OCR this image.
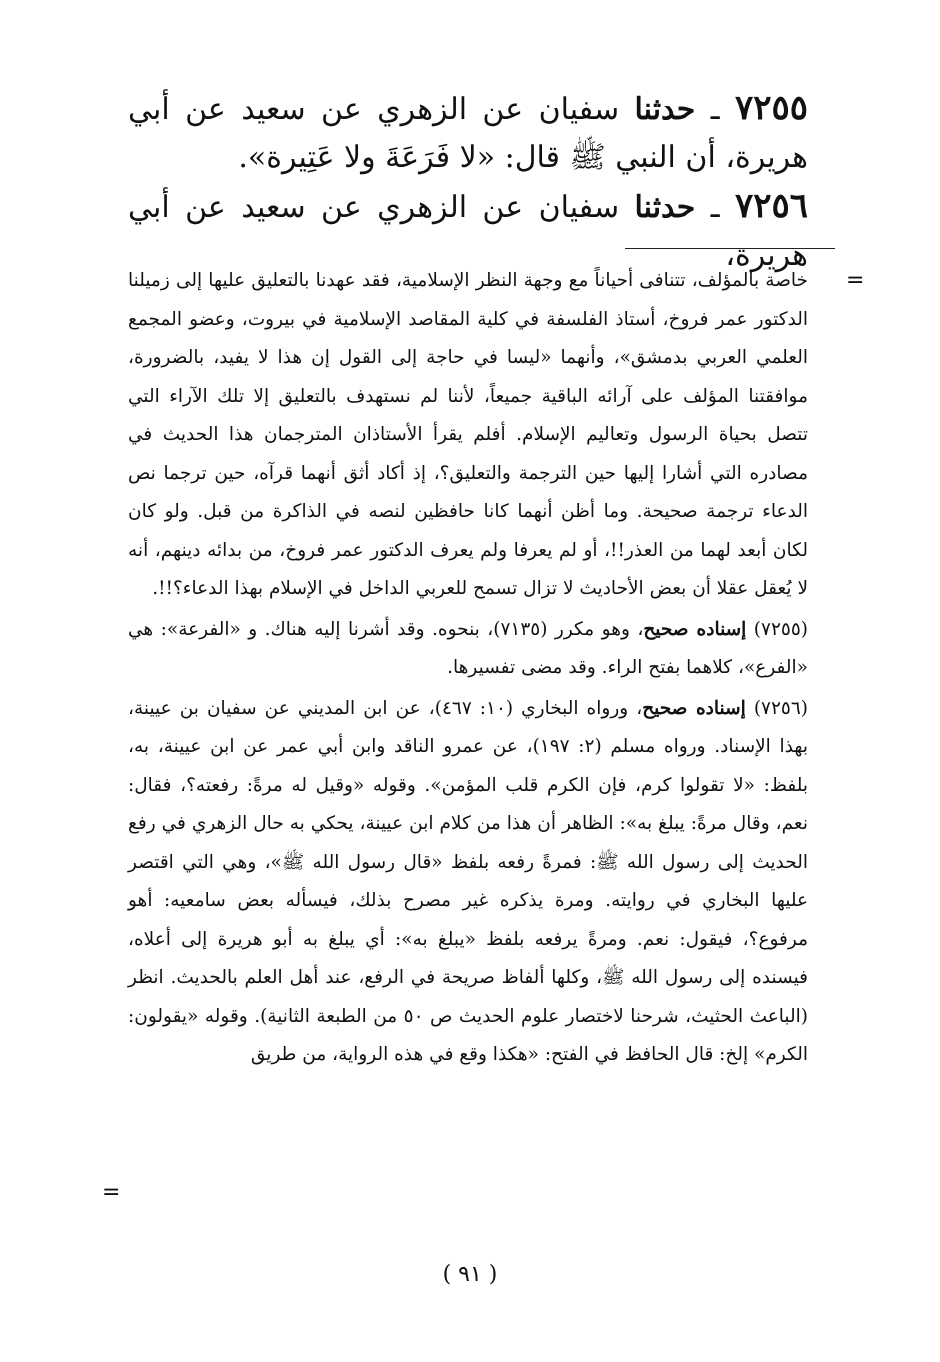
٧٢٥٥ ـ حدثنا سفيان عن الزهري عن سعيد عن أبي هريرة، أن النبي ﷺ قال: «لا فَرَعَةَ ولا عَتِيرة».

٧٢٥٦ ـ حدثنا سفيان عن الزهري عن سعيد عن أبي هريرة،

=

خاصة بالمؤلف، تتنافى أحياناً مع وجهة النظر الإسلامية، فقد عهدنا بالتعليق عليها إلى زميلنا الدكتور عمر فروخ، أستاذ الفلسفة في كلية المقاصد الإسلامية في بيروت، وعضو المجمع العلمي العربي بدمشق»، وأنهما «ليسا في حاجة إلى القول إن هذا لا يفيد، بالضرورة، موافقتنا المؤلف على آرائه الباقية جميعاً، لأننا لم نستهدف بالتعليق إلا تلك الآراء التي تتصل بحياة الرسول وتعاليم الإسلام. أفلم يقرأ الأستاذان المترجمان هذا الحديث في مصادره التي أشارا إليها حين الترجمة والتعليق؟، إذ أكاد أثق أنهما قرآه، حين ترجما نص الدعاء ترجمة صحيحة. وما أظن أنهما كانا حافظين لنصه في الذاكرة من قبل. ولو كان لكان أبعد لهما من العذر!!، أو لم يعرفا ولم يعرف الدكتور عمر فروخ، من بدائه دينهم، أنه لا يُعقل عقلا أن بعض الأحاديث لا تزال تسمح للعربي الداخل في الإسلام بهذا الدعاء؟!!.

(٧٢٥٥) إسناده صحيح، وهو مكرر (٧١٣٥)، بنحوه. وقد أشرنا إليه هناك. و «الفرعة»: هي «الفرع»، كلاهما بفتح الراء. وقد مضى تفسيرها.

(٧٢٥٦) إسناده صحيح، ورواه البخاري (١٠: ٤٦٧)، عن ابن المديني عن سفيان بن عيينة، بهذا الإسناد. ورواه مسلم (٢: ١٩٧)، عن عمرو الناقد وابن أبي عمر عن ابن عيينة، به، بلفظ: «لا تقولوا كرم، فإن الكرم قلب المؤمن». وقوله «وقيل له مرةً: رفعته؟، فقال: نعم، وقال مرةً: يبلغ به»: الظاهر أن هذا من كلام ابن عيينة، يحكي به حال الزهري في رفع الحديث إلى رسول الله ﷺ: فمرةً رفعه بلفظ «قال رسول الله ﷺ»، وهي التي اقتصر عليها البخاري في روايته. ومرة يذكره غير مصرح بذلك، فيسأله بعض سامعيه: أهو مرفوع؟، فيقول: نعم. ومرةً يرفعه بلفظ «يبلغ به»: أي يبلغ به أبو هريرة إلى أعلاه، فيسنده إلى رسول الله ﷺ، وكلها ألفاظ صريحة في الرفع، عند أهل العلم بالحديث. انظر (الباعث الحثيث، شرحنا لاختصار علوم الحديث ص ٥٠ من الطبعة الثانية). وقوله «يقولون: الكرم» إلخ: قال الحافظ في الفتح: «هكذا وقع في هذه الرواية، من طريق

=
( ٩١ )
